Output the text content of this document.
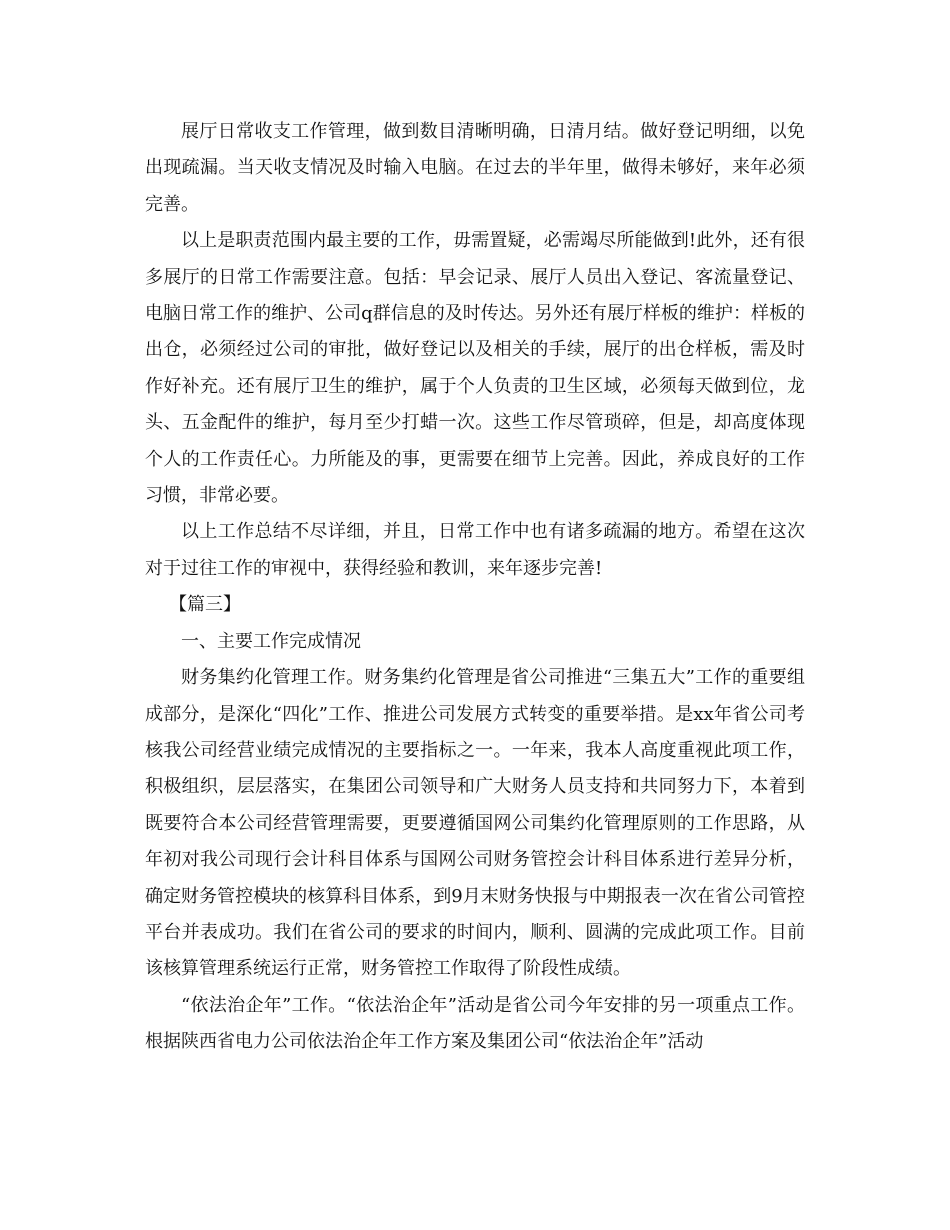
展厅日常收支工作管理，做到数目清晰明确，日清月结。做好登记明细，以免出现疏漏。当天收支情况及时输入电脑。在过去的半年里，做得未够好，来年必须完善。

以上是职责范围内最主要的工作，毋需置疑，必需竭尽所能做到!此外，还有很多展厅的日常工作需要注意。包括：早会记录、展厅人员出入登记、客流量登记、电脑日常工作的维护、公司q群信息的及时传达。另外还有展厅样板的维护：样板的出仓，必须经过公司的审批，做好登记以及相关的手续，展厅的出仓样板，需及时作好补充。还有展厅卫生的维护，属于个人负责的卫生区域，必须每天做到位，龙头、五金配件的维护，每月至少打蜡一次。这些工作尽管琐碎，但是，却高度体现个人的工作责任心。力所能及的事，更需要在细节上完善。因此，养成良好的工作习惯，非常必要。

以上工作总结不尽详细，并且，日常工作中也有诸多疏漏的地方。希望在这次对于过往工作的审视中，获得经验和教训，来年逐步完善!

【篇三】

一、主要工作完成情况

财务集约化管理工作。财务集约化管理是省公司推进“三集五大”工作的重要组成部分，是深化“四化”工作、推进公司发展方式转变的重要举措。是xx年省公司考核我公司经营业绩完成情况的主要指标之一。一年来，我本人高度重视此项工作，积极组织，层层落实，在集团公司领导和广大财务人员支持和共同努力下，本着到既要符合本公司经营管理需要，更要遵循国网公司集约化管理原则的工作思路，从年初对我公司现行会计科目体系与国网公司财务管控会计科目体系进行差异分析，确定财务管控模块的核算科目体系，到9月末财务快报与中期报表一次在省公司管控平台并表成功。我们在省公司的要求的时间内，顺利、圆满的完成此项工作。目前该核算管理系统运行正常，财务管控工作取得了阶段性成绩。

“依法治企年”工作。“依法治企年”活动是省公司今年安排的另一项重点工作。根据陕西省电力公司依法治企年工作方案及集团公司“依法治企年”活动
